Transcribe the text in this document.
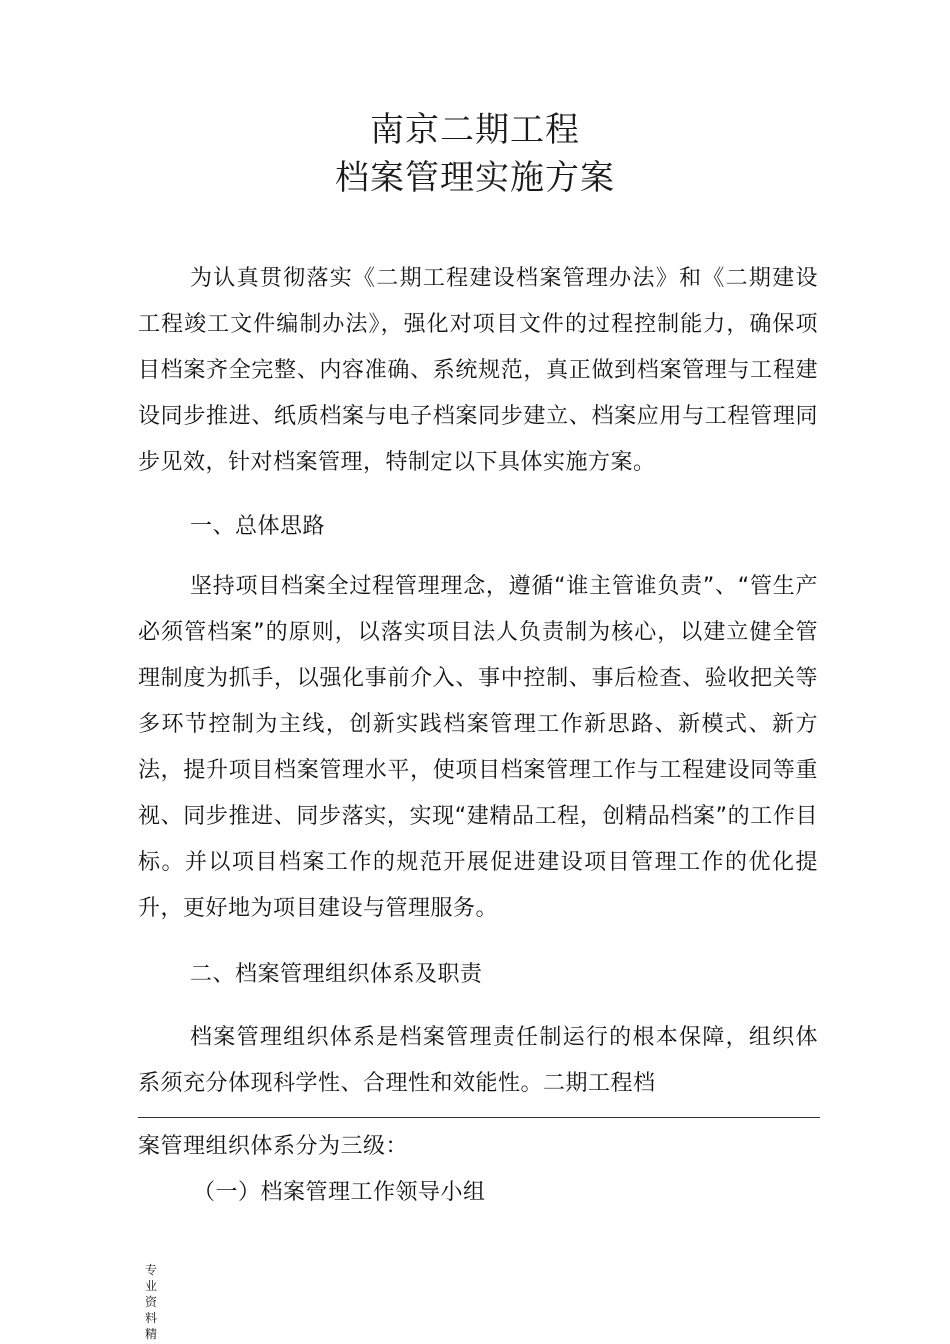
南京二期工程
档案管理实施方案

为认真贯彻落实《二期工程建设档案管理办法》和《二期建设工程竣工文件编制办法》，强化对项目文件的过程控制能力，确保项目档案齐全完整、内容准确、系统规范，真正做到档案管理与工程建设同步推进、纸质档案与电子档案同步建立、档案应用与工程管理同步见效，针对档案管理，特制定以下具体实施方案。

一、总体思路

坚持项目档案全过程管理理念，遵循“谁主管谁负责”、“管生产必须管档案”的原则，以落实项目法人负责制为核心，以建立健全管理制度为抓手，以强化事前介入、事中控制、事后检查、验收把关等多环节控制为主线，创新实践档案管理工作新思路、新模式、新方法，提升项目档案管理水平，使项目档案管理工作与工程建设同等重视、同步推进、同步落实，实现“建精品工程，创精品档案”的工作目标。并以项目档案工作的规范开展促进建设项目管理工作的优化提升，更好地为项目建设与管理服务。

二、档案管理组织体系及职责

档案管理组织体系是档案管理责任制运行的根本保障，组织体系须充分体现科学性、合理性和效能性。二期工程档

案管理组织体系分为三级：
（一）档案管理工作领导小组
专业资料精
